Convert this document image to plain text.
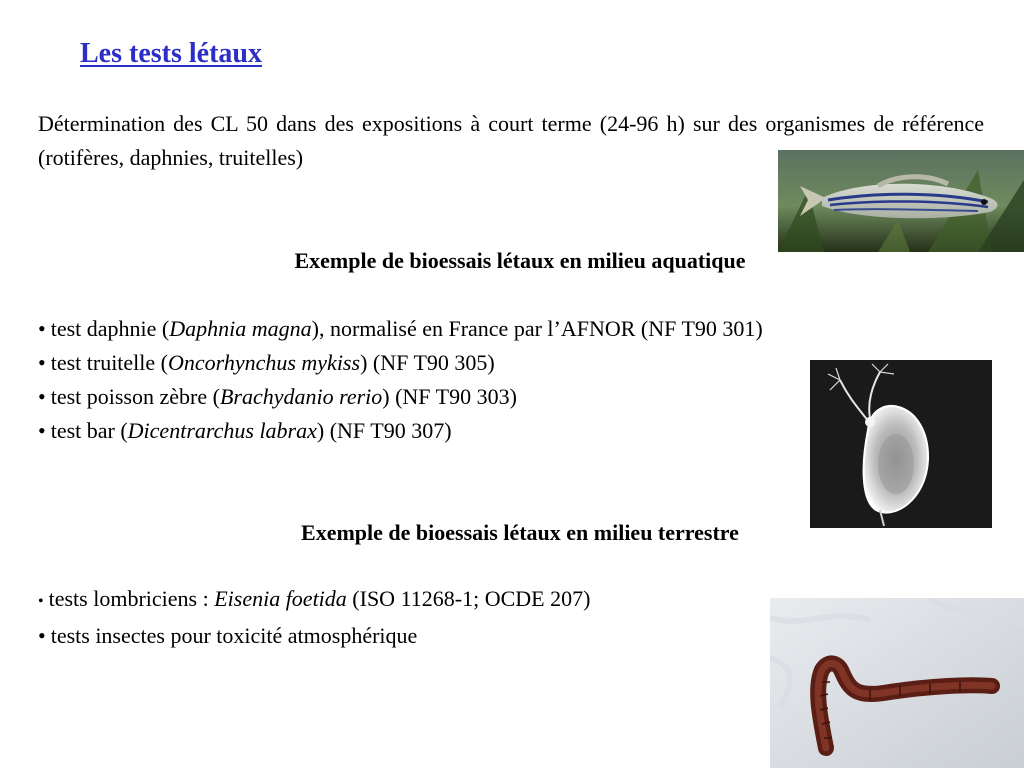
Les tests létaux

Détermination des CL 50 dans des expositions à court terme (24-96 h) sur des organismes de référence (rotifères, daphnies, truitelles)

Exemple de bioessais létaux en milieu aquatique
• test daphnie (Daphnia magna), normalisé en France par l’AFNOR (NF T90 301)
• test truitelle (Oncorhynchus mykiss) (NF T90 305)
• test poisson zèbre (Brachydanio rerio) (NF T90 303)
• test bar (Dicentrarchus labrax) (NF T90 307)
Exemple de bioessais létaux en milieu terrestre
• tests lombriciens : Eisenia foetida (ISO 11268-1; OCDE 207)
• tests insectes pour toxicité atmosphérique
